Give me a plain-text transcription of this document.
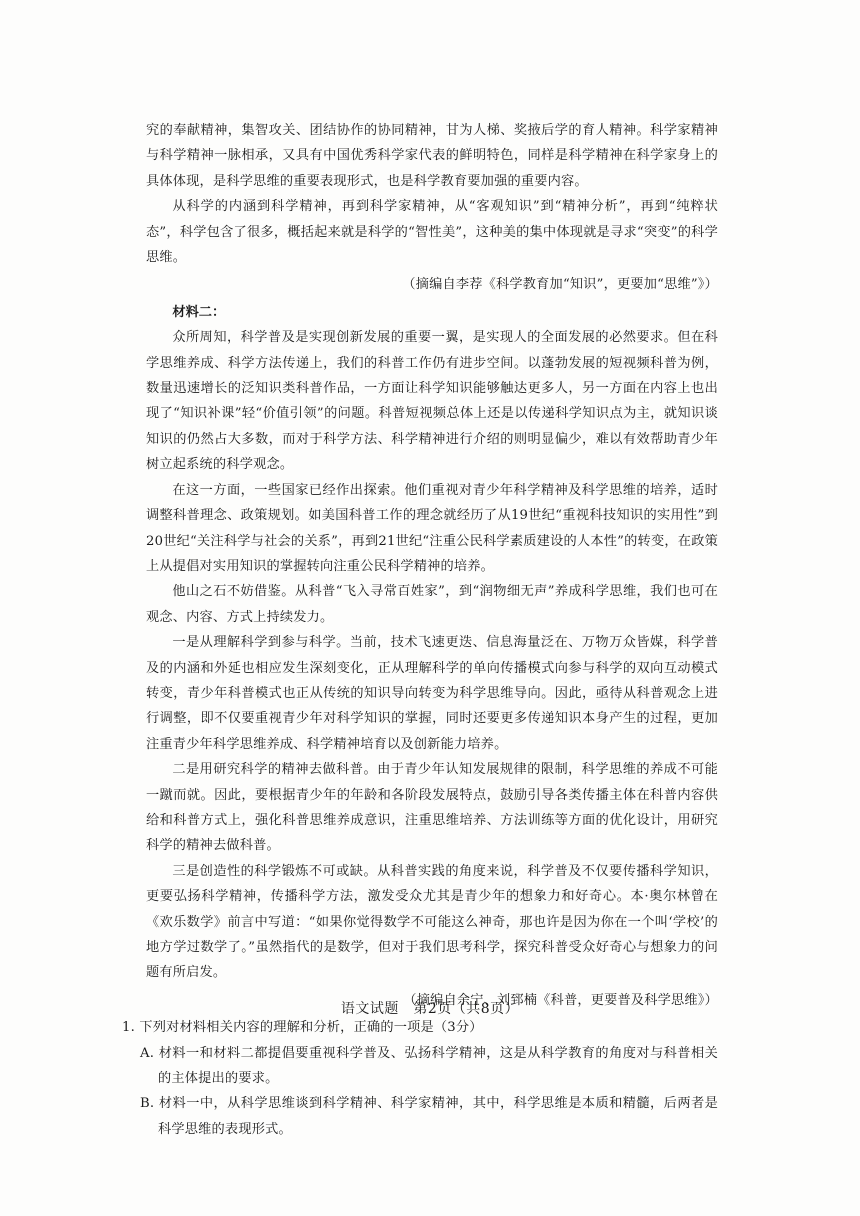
究的奉献精神，集智攻关、团结协作的协同精神，甘为人梯、奖掖后学的育人精神。科学家精神与科学精神一脉相承，又具有中国优秀科学家代表的鲜明特色，同样是科学精神在科学家身上的具体体现，是科学思维的重要表现形式，也是科学教育要加强的重要内容。

从科学的内涵到科学精神，再到科学家精神，从“客观知识”到“精神分析”，再到“纯粹状态”，科学包含了很多，概括起来就是科学的“智性美”，这种美的集中体现就是寻求“突变”的科学思维。

（摘编自李荐《科学教育加“知识”，更要加“思维”》）

材料二：

众所周知，科学普及是实现创新发展的重要一翼，是实现人的全面发展的必然要求。但在科学思维养成、科学方法传递上，我们的科普工作仍有进步空间。以蓬勃发展的短视频科普为例，数量迅速增长的泛知识类科普作品，一方面让科学知识能够触达更多人，另一方面在内容上也出现了“知识补课”轻“价值引领”的问题。科普短视频总体上还是以传递科学知识点为主，就知识谈知识的仍然占大多数，而对于科学方法、科学精神进行介绍的则明显偏少，难以有效帮助青少年树立起系统的科学观念。

在这一方面，一些国家已经作出探索。他们重视对青少年科学精神及科学思维的培养，适时调整科普理念、政策规划。如美国科普工作的理念就经历了从19世纪“重视科技知识的实用性”到20世纪“关注科学与社会的关系”，再到21世纪“注重公民科学素质建设的人本性”的转变，在政策上从提倡对实用知识的掌握转向注重公民科学精神的培养。

他山之石不妨借鉴。从科普“飞入寻常百姓家”，到“润物细无声”养成科学思维，我们也可在观念、内容、方式上持续发力。

一是从理解科学到参与科学。当前，技术飞速更迭、信息海量泛在、万物万众皆媒，科学普及的内涵和外延也相应发生深刻变化，正从理解科学的单向传播模式向参与科学的双向互动模式转变，青少年科普模式也正从传统的知识导向转变为科学思维导向。因此，亟待从科普观念上进行调整，即不仅要重视青少年对科学知识的掌握，同时还要更多传递知识本身产生的过程，更加注重青少年科学思维养成、科学精神培育以及创新能力培养。

二是用研究科学的精神去做科普。由于青少年认知发展规律的限制，科学思维的养成不可能一蹴而就。因此，要根据青少年的年龄和各阶段发展特点，鼓励引导各类传播主体在科普内容供给和科普方式上，强化科普思维养成意识，注重思维培养、方法训练等方面的优化设计，用研究科学的精神去做科普。

三是创造性的科学锻炼不可或缺。从科普实践的角度来说，科学普及不仅要传播科学知识，更要弘扬科学精神，传播科学方法，激发受众尤其是青少年的想象力和好奇心。本·奥尔林曾在《欢乐数学》前言中写道：“如果你觉得数学不可能这么神奇，那也许是因为你在一个叫‘学校’的地方学过数学了。”虽然指代的是数学，但对于我们思考科学，探究科普受众好奇心与想象力的问题有所启发。

（摘编自余宁、刘郅楠《科普，更要普及科学思维》）

1. 下列对材料相关内容的理解和分析，正确的一项是（3分）

A. 材料一和材料二都提倡要重视科学普及、弘扬科学精神，这是从科学教育的角度对与科普相关的主体提出的要求。

B. 材料一中，从科学思维谈到科学精神、科学家精神，其中，科学思维是本质和精髓，后两者是科学思维的表现形式。

语文试题　第2页（共8页）
